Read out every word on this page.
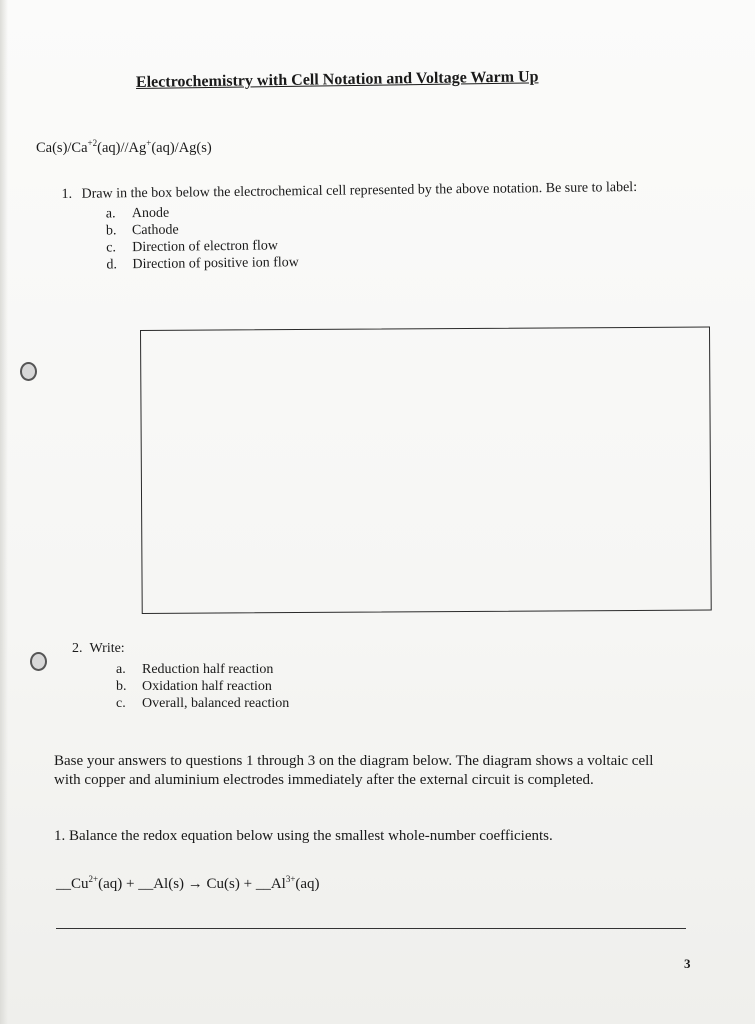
Electrochemistry with Cell Notation and Voltage Warm Up
$Ca(s)/Ca^{+2}(aq)//Ag^+(aq)/Ag(s)$
1. Draw in the box below the electrochemical cell represented by the above notation. Be sure to label:
a.	Anode
b.	Cathode
c.	Direction of electron flow
d.	Direction of positive ion flow
2. Write:
a.	Reduction half reaction
b.	Oxidation half reaction
c.	Overall, balanced reaction
Base your answers to questions 1 through 3 on the diagram below. The diagram shows a voltaic cell with copper and aluminium electrodes immediately after the external circuit is completed.
1. Balance the redox equation below using the smallest whole-number coefficients.
$\_\_Cu^{2+}(aq)$ + __Al(s) → $Cu(s) + \_\_Al^{3+}(aq)$
3
